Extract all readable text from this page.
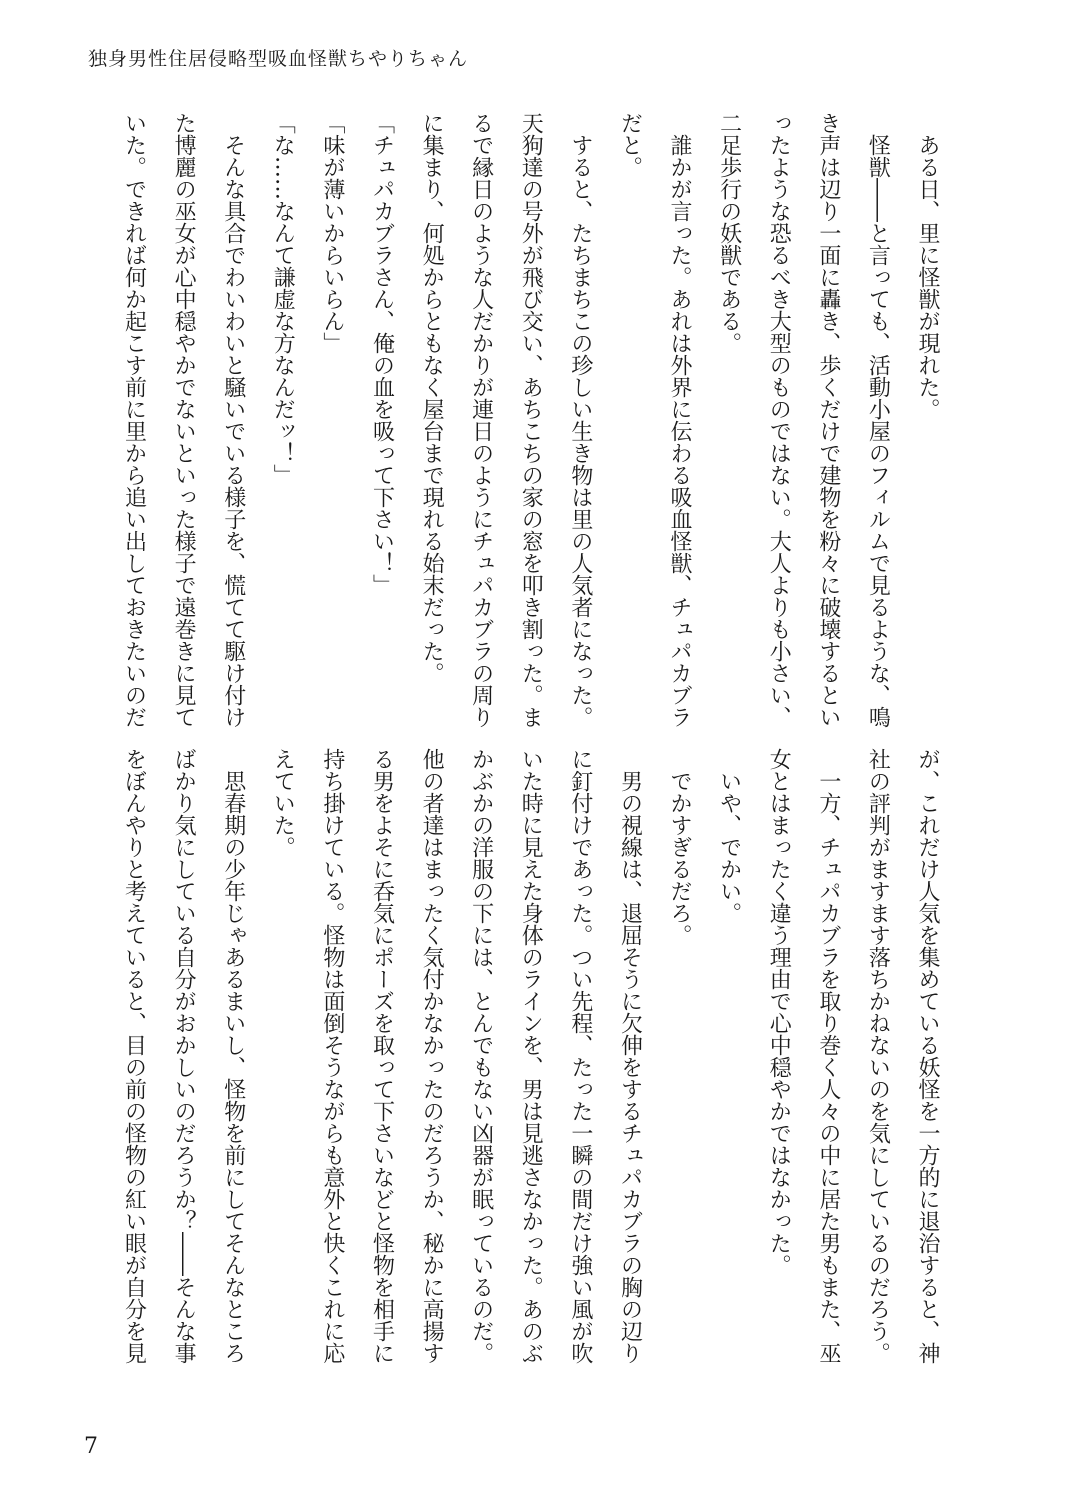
独身男性住居侵略型吸血怪獣ちやりちゃん
　ある日、里に怪獣が現れた。
　怪獣――と言っても、活動小屋のフィルムで見るような、鳴
き声は辺り一面に轟き、歩くだけで建物を粉々に破壊するとい
ったような恐るべき大型のものではない。大人よりも小さい、
二足歩行の妖獣である。
　誰かが言った。あれは外界に伝わる吸血怪獣、チュパカブラ
だと。
　すると、たちまちこの珍しい生き物は里の人気者になった。
天狗達の号外が飛び交い、あちこちの家の窓を叩き割った。ま
るで縁日のような人だかりが連日のようにチュパカブラの周り
に集まり、何処からともなく屋台まで現れる始末だった。
「チュパカブラさん、俺の血を吸って下さい！」
「味が薄いからいらん」
「な……なんて謙虚な方なんだッ！」
　そんな具合でわいわいと騒いでいる様子を、慌てて駆け付け
た博麗の巫女が心中穏やかでないといった様子で遠巻きに見て
いた。できれば何か起こす前に里から追い出しておきたいのだ
が、これだけ人気を集めている妖怪を一方的に退治すると、神
社の評判がますます落ちかねないのを気にしているのだろう。
　一方、チュパカブラを取り巻く人々の中に居た男もまた、巫
女とはまったく違う理由で心中穏やかではなかった。
　いや、でかい。
　でかすぎるだろ。
　男の視線は、退屈そうに欠伸をするチュパカブラの胸の辺り
に釘付けであった。つい先程、たった一瞬の間だけ強い風が吹
いた時に見えた身体のラインを、男は見逃さなかった。あのぶ
かぶかの洋服の下には、とんでもない凶器が眠っているのだ。
他の者達はまったく気付かなかったのだろうか、秘かに高揚す
る男をよそに呑気にポーズを取って下さいなどと怪物を相手に
持ち掛けている。怪物は面倒そうながらも意外と快くこれに応
えていた。
　思春期の少年じゃあるまいし、怪物を前にしてそんなところ
ばかり気にしている自分がおかしいのだろうか？――そんな事
をぼんやりと考えていると、目の前の怪物の紅い眼が自分を見
7
